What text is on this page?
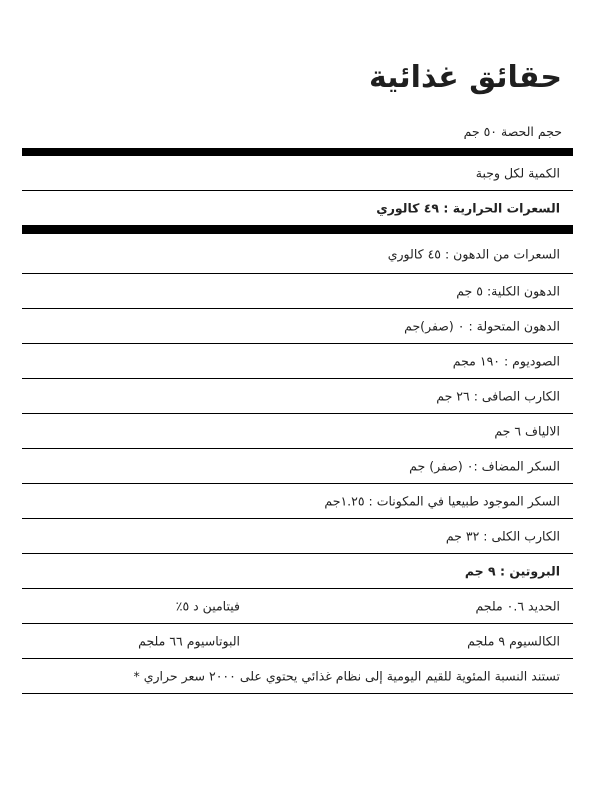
حقائق غذائية
حجم الحصة ٥٠ جم
الكمية لكل وجبة
السعرات الحرارية : ٤٩ كالوري
السعرات من الدهون : ٤٥ كالوري
الدهون الكلية: ٥ جم
الدهون المتحولة : ٠ (صفر)جم
الصوديوم : ١٩٠ مجم
الكارب الصافى : ٢٦ جم
الالياف ٦ جم
السكر المضاف :٠ (صفر) جم
السكر الموجود طبيعيا في المكونات : ١.٢٥جم
الكارب الكلى : ٣٢ جم
البروتين : ٩ جم
الحديد ٠.٦ ملجم
فيتامين د ٥٪
الكالسيوم ٩ ملجم
البوتاسيوم ٦٦ ملجم
تستند النسبة المئوية للقيم اليومية إلى نظام غذائي يحتوي على ٢٠٠٠ سعر حراري *
